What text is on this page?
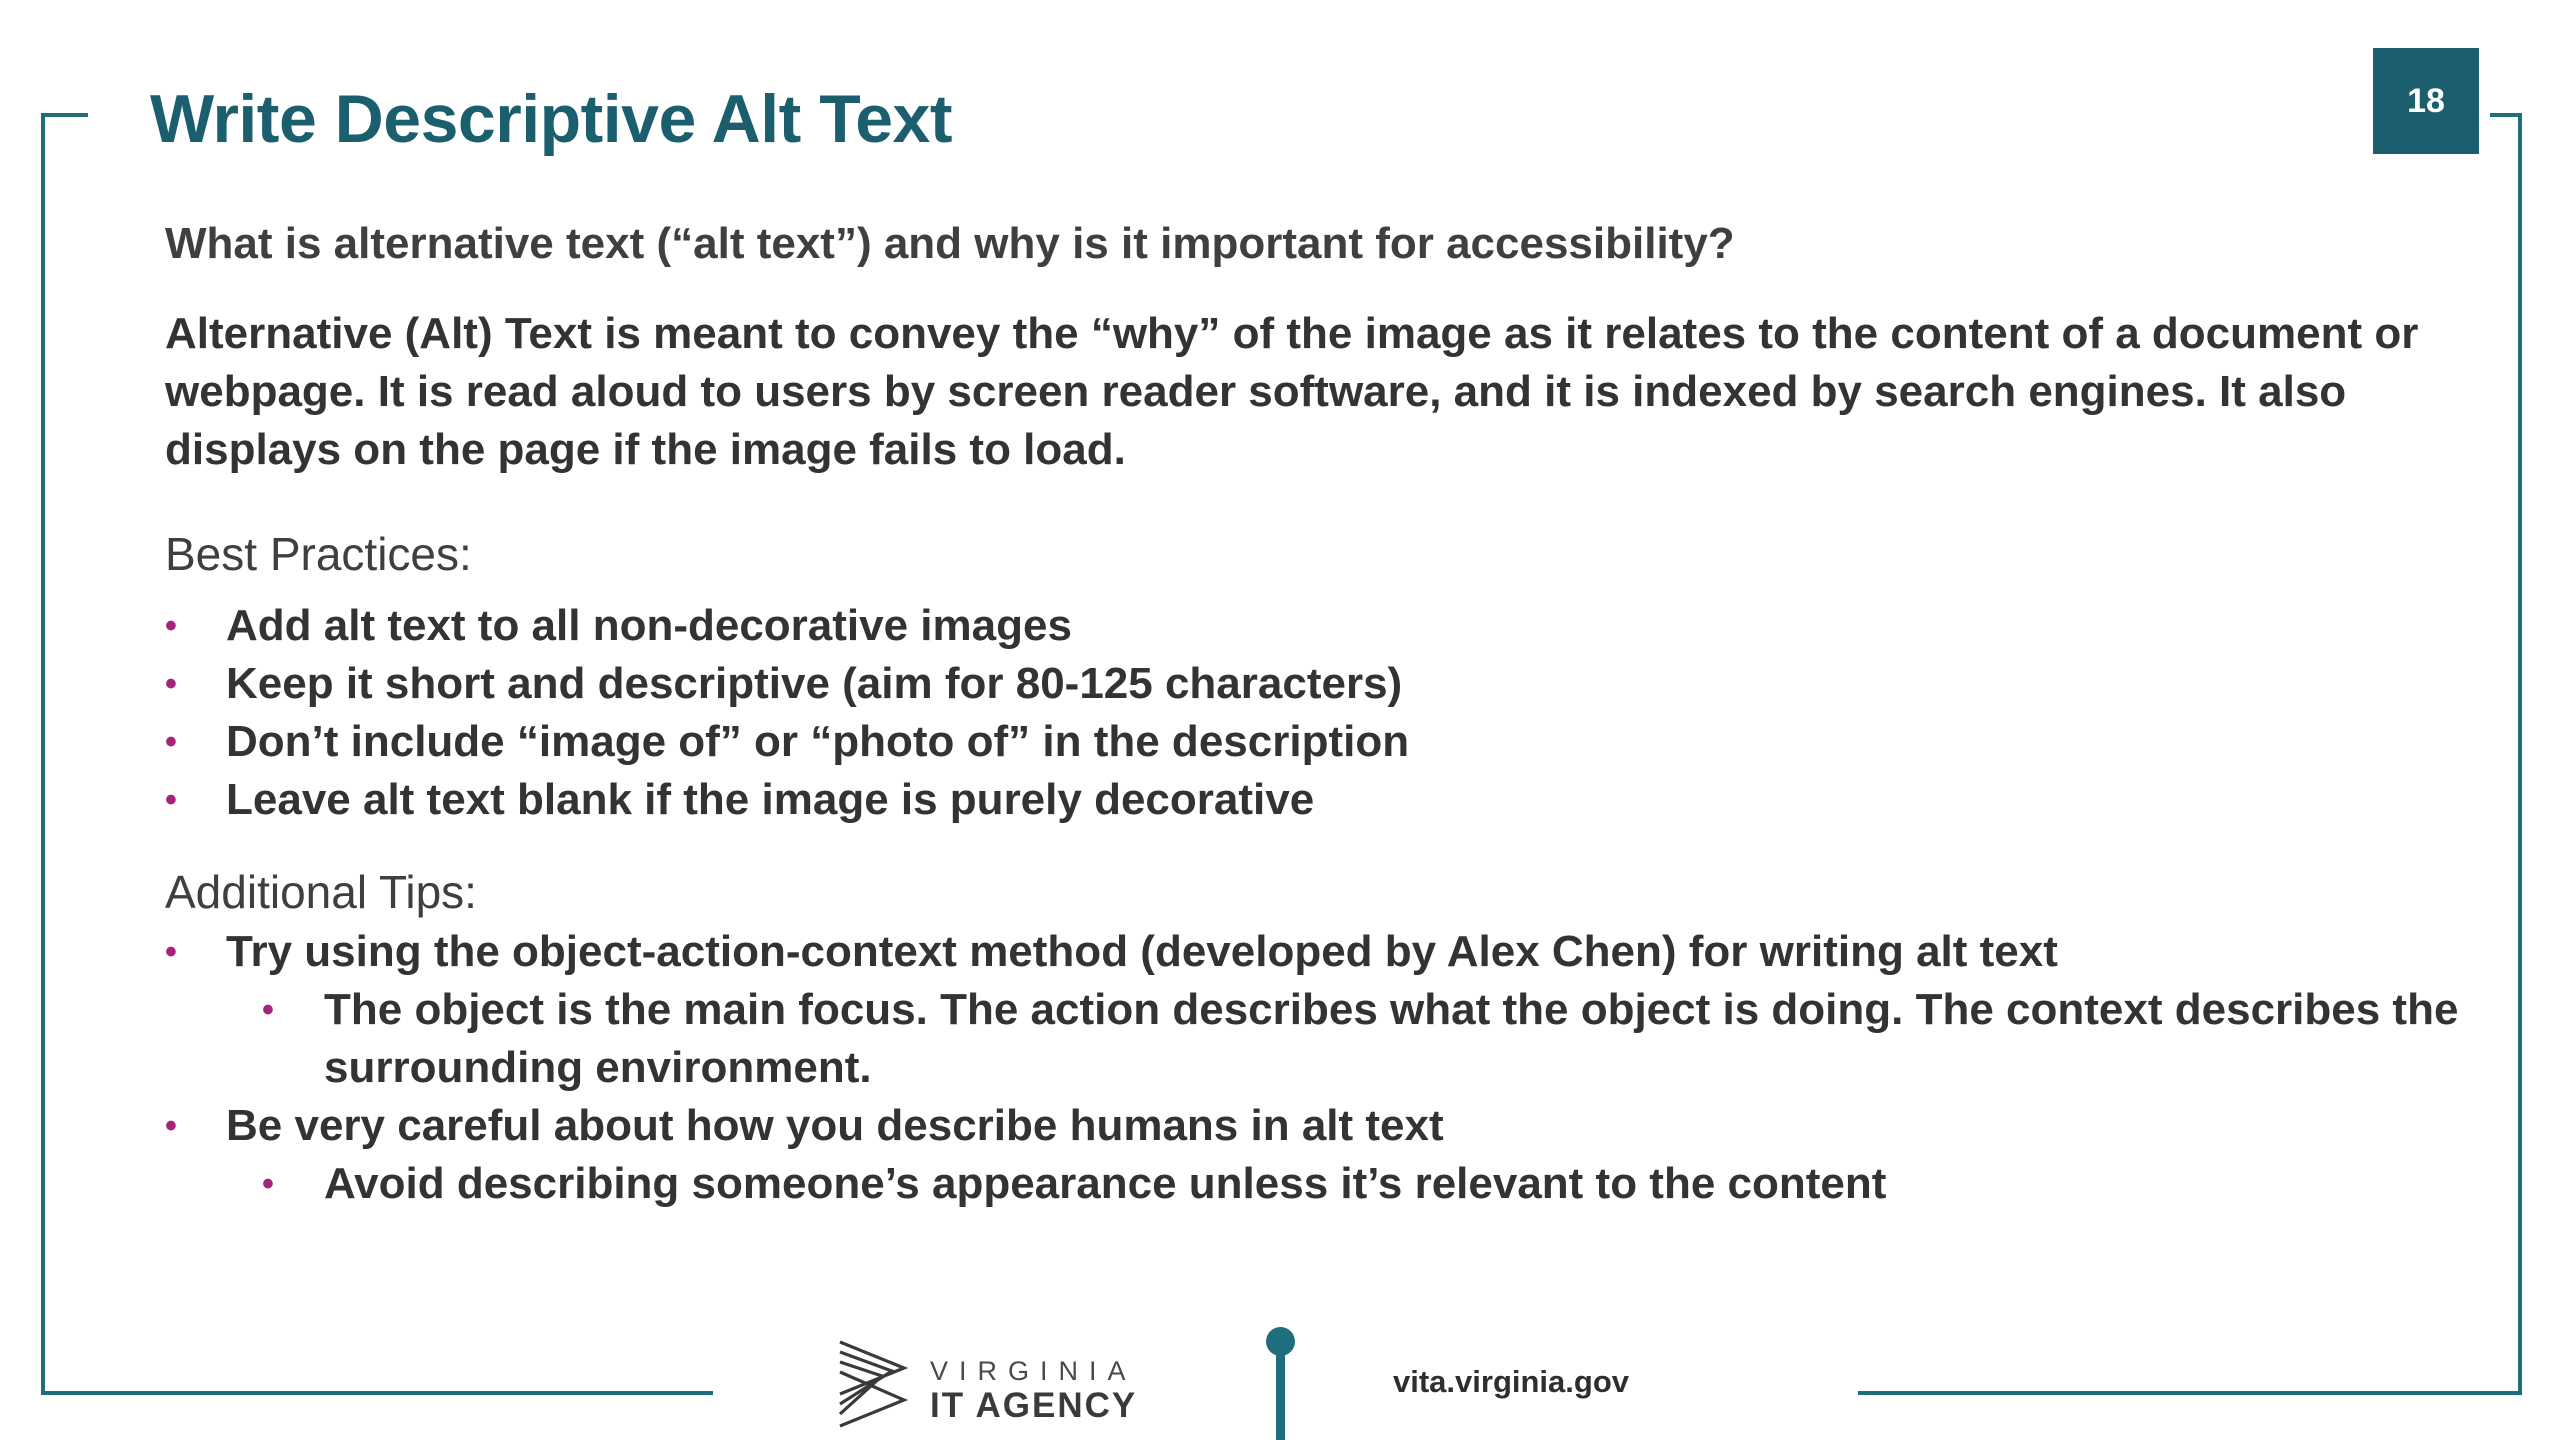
18
Write Descriptive Alt Text

What is alternative text (“alt text”) and why is it important for accessibility?

Alternative (Alt) Text is meant to convey the “why” of the image as it relates to the content of a document or webpage. It is read aloud to users by screen reader software, and it is indexed by search engines. It also displays on the page if the image fails to load.

Best Practices:

• Add alt text to all non-decorative images
• Keep it short and descriptive (aim for 80-125 characters)
• Don’t include “image of” or “photo of” in the description
• Leave alt text blank if the image is purely decorative

Additional Tips:

• Try using the object-action-context method (developed by Alex Chen) for writing alt text
• The object is the main focus. The action describes what the object is doing. The context describes the surrounding environment.
• Be very careful about how you describe humans in alt text
• Avoid describing someone’s appearance unless it’s relevant to the content
VIRGINIA
IT AGENCY
vita.virginia.gov
